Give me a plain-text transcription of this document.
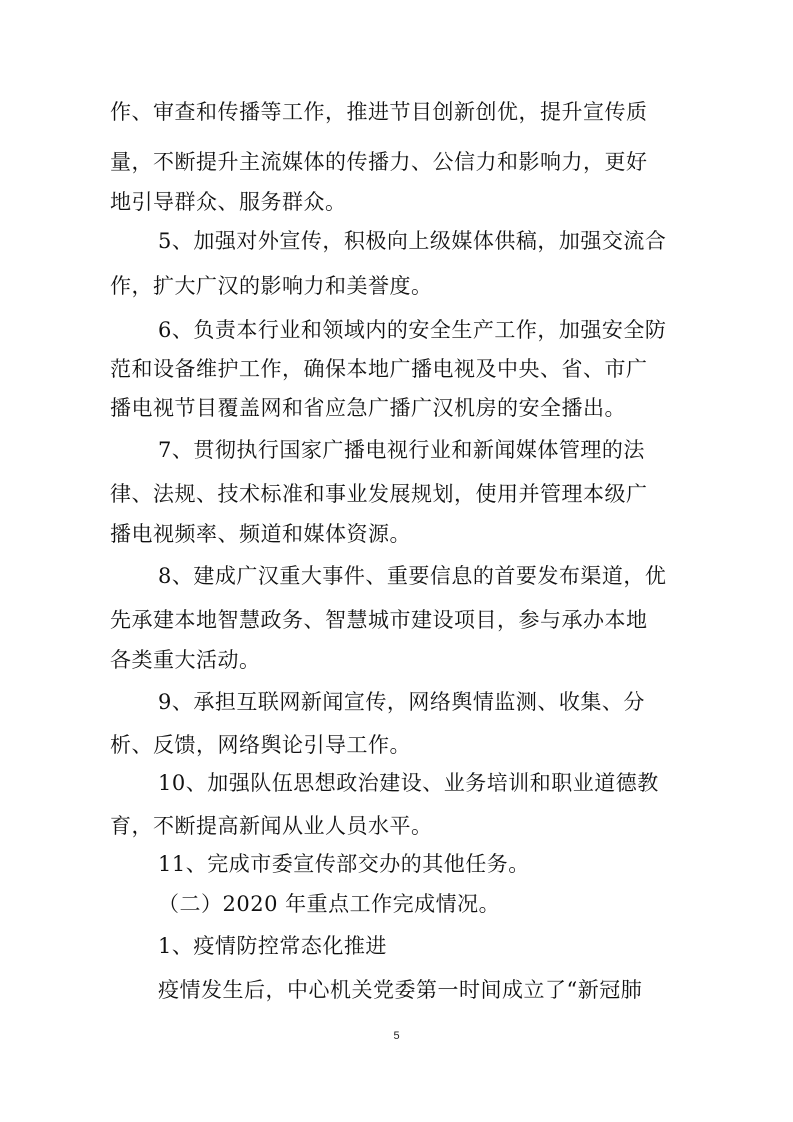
作、审查和传播等工作，推进节目创新创优，提升宣传质
量，不断提升主流媒体的传播力、公信力和影响力，更好
地引导群众、服务群众。
5、加强对外宣传，积极向上级媒体供稿，加强交流合
作，扩大广汉的影响力和美誉度。
6、负责本行业和领域内的安全生产工作，加强安全防
范和设备维护工作，确保本地广播电视及中央、省、市广
播电视节目覆盖网和省应急广播广汉机房的安全播出。
7、贯彻执行国家广播电视行业和新闻媒体管理的法
律、法规、技术标准和事业发展规划，使用并管理本级广
播电视频率、频道和媒体资源。
8、建成广汉重大事件、重要信息的首要发布渠道，优
先承建本地智慧政务、智慧城市建设项目，参与承办本地
各类重大活动。
9、承担互联网新闻宣传，网络舆情监测、收集、分
析、反馈，网络舆论引导工作。
10、加强队伍思想政治建设、业务培训和职业道德教
育，不断提高新闻从业人员水平。
11、完成市委宣传部交办的其他任务。
（二）2020 年重点工作完成情况。
1、疫情防控常态化推进
疫情发生后，中心机关党委第一时间成立了“新冠肺
5
